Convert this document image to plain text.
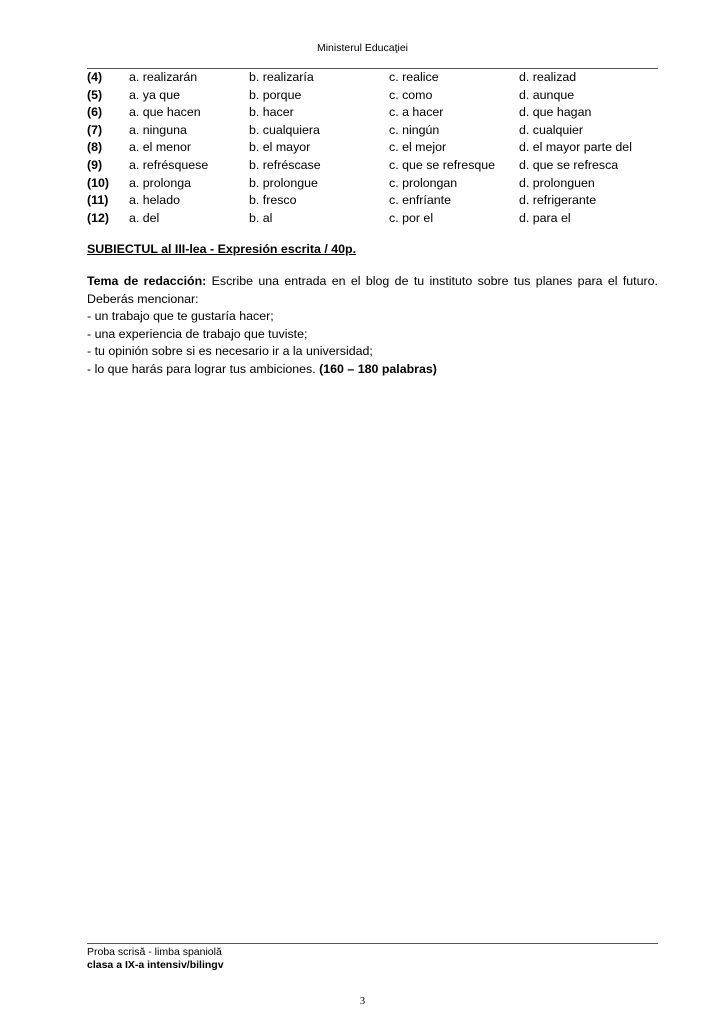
Ministerul Educaţiei
(4)	a. realizarán	b. realizaría	c. realice	d. realizad
(5)	a. ya que	b. porque	c. como	d. aunque
(6)	a. que hacen	b. hacer	c. a hacer	d. que hagan
(7)	a. ninguna	b. cualquiera	c. ningún	d. cualquier
(8)	a. el menor	b. el mayor	c. el mejor	d. el mayor parte del
(9)	a. refrésquese	b. refréscase	c. que se refresque	d. que se refresca
(10)	a. prolonga	b. prolongue	c. prolongan	d. prolonguen
(11)	a. helado	b. fresco	c. enfríante	d. refrigerante
(12)	a. del	b. al	c. por el	d. para el
SUBIECTUL al III-lea - Expresión escrita / 40p.

Tema de redacción: Escribe una entrada en el blog de tu instituto sobre tus planes para el futuro. Deberás mencionar:

- un trabajo que te gustaría hacer;
- una experiencia de trabajo que tuviste;
- tu opinión sobre si es necesario ir a la universidad;
- lo que harás para lograr tus ambiciones. (160 – 180 palabras)
Proba scrisă - limba spaniolă
clasa a IX-a intensiv/bilingv
3
